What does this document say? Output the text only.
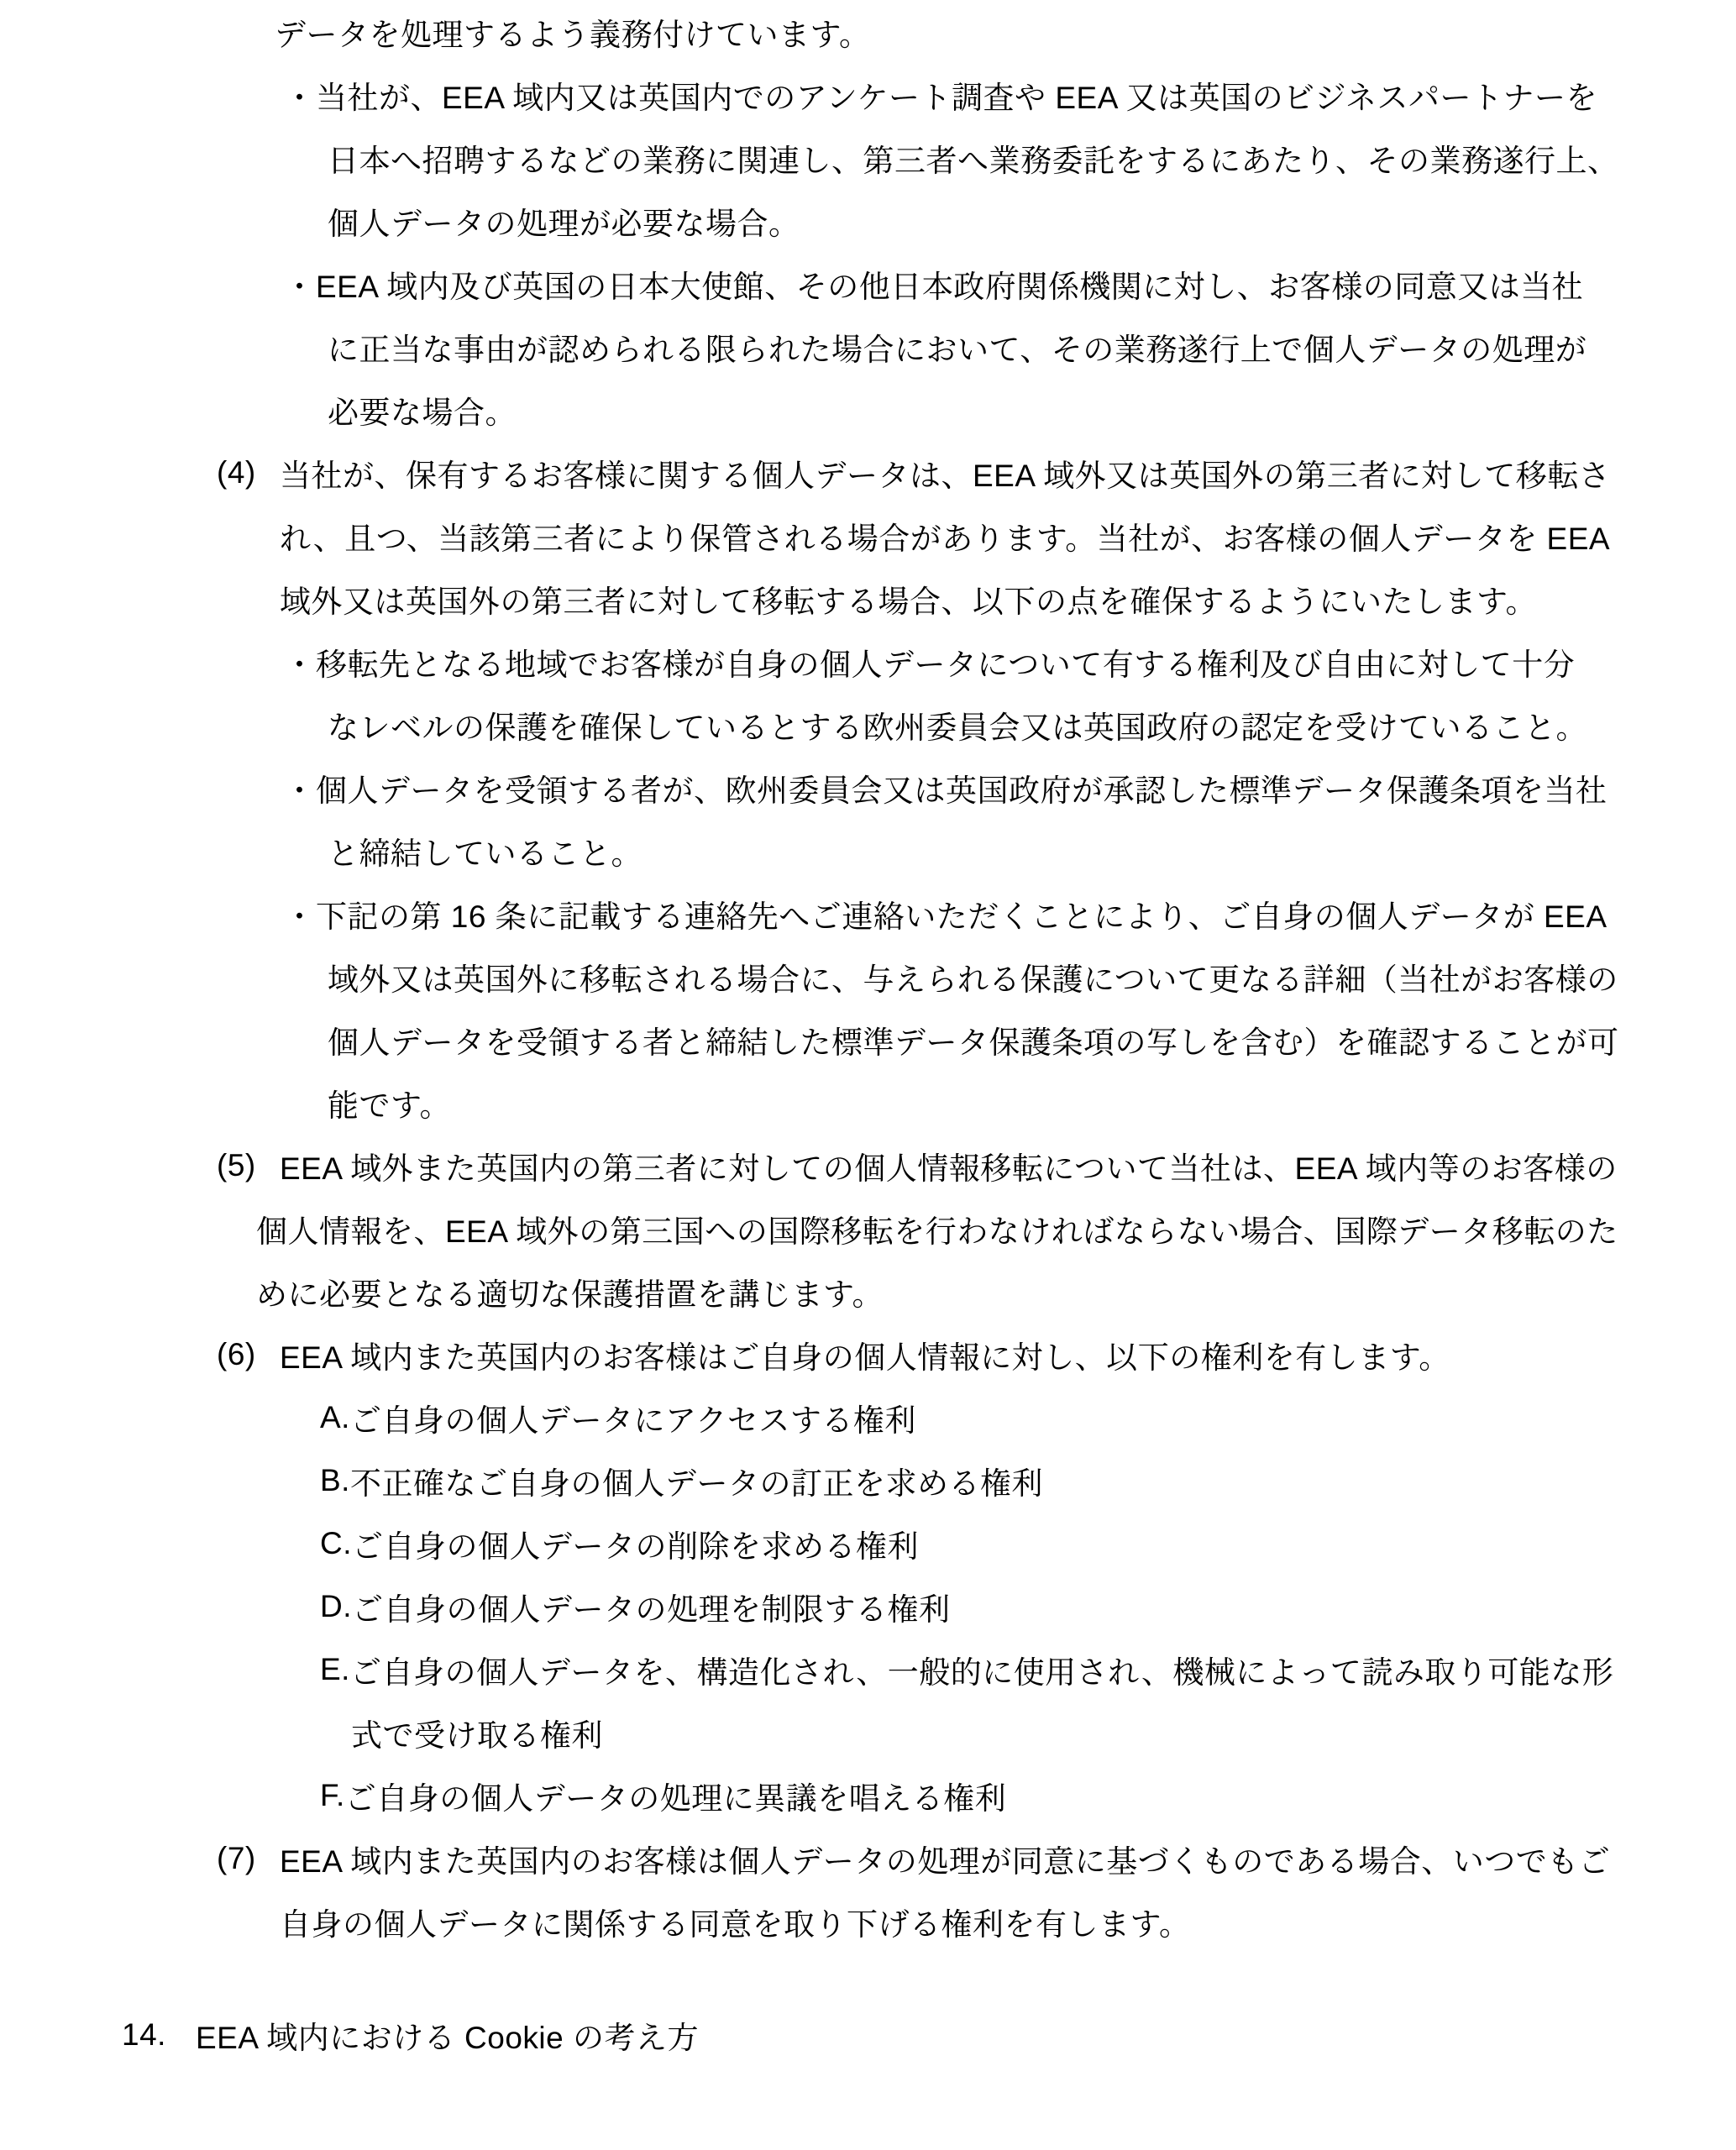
データを処理するよう義務付けています。
・ 当社が、EEA 域内又は英国内でのアンケート調査や EEA 又は英国のビジネスパートナーを
日本へ招聘するなどの業務に関連し、第三者へ業務委託をするにあたり、その業務遂行上、
個人データの処理が必要な場合。
・ EEA 域内及び英国の日本大使館、その他日本政府関係機関に対し、お客様の同意又は当社
に正当な事由が認められる限られた場合において、その業務遂行上で個人データの処理が
必要な場合。
(4) 当社が、保有するお客様に関する個人データは、EEA 域外又は英国外の第三者に対して移転さ
れ、且つ、当該第三者により保管される場合があります。当社が、お客様の個人データを EEA
域外又は英国外の第三者に対して移転する場合、以下の点を確保するようにいたします。
・ 移転先となる地域でお客様が自身の個人データについて有する権利及び自由に対して十分
なレベルの保護を確保しているとする欧州委員会又は英国政府の認定を受けていること。
・ 個人データを受領する者が、欧州委員会又は英国政府が承認した標準データ保護条項を当社
と締結していること。
・ 下記の第 16 条に記載する連絡先へご連絡いただくことにより、ご自身の個人データが EEA
域外又は英国外に移転される場合に、与えられる保護について更なる詳細（当社がお客様の
個人データを受領する者と締結した標準データ保護条項の写しを含む）を確認することが可
能です。
(5) EEA 域外また英国内の第三者に対しての個人情報移転について当社は、EEA 域内等のお客様の
個人情報を、EEA 域外の第三国への国際移転を行わなければならない場合、国際データ移転のた
めに必要となる適切な保護措置を講じます。
(6) EEA 域内また英国内のお客様はご自身の個人情報に対し、以下の権利を有します。
A. ご自身の個人データにアクセスする権利
B. 不正確なご自身の個人データの訂正を求める権利
C. ご自身の個人データの削除を求める権利
D. ご自身の個人データの処理を制限する権利
E. ご自身の個人データを、構造化され、一般的に使用され、機械によって読み取り可能な形
式で受け取る権利
F. ご自身の個人データの処理に異議を唱える権利
(7) EEA 域内また英国内のお客様は個人データの処理が同意に基づくものである場合、いつでもご
自身の個人データに関係する同意を取り下げる権利を有します。
14. EEA 域内における Cookie の考え方
